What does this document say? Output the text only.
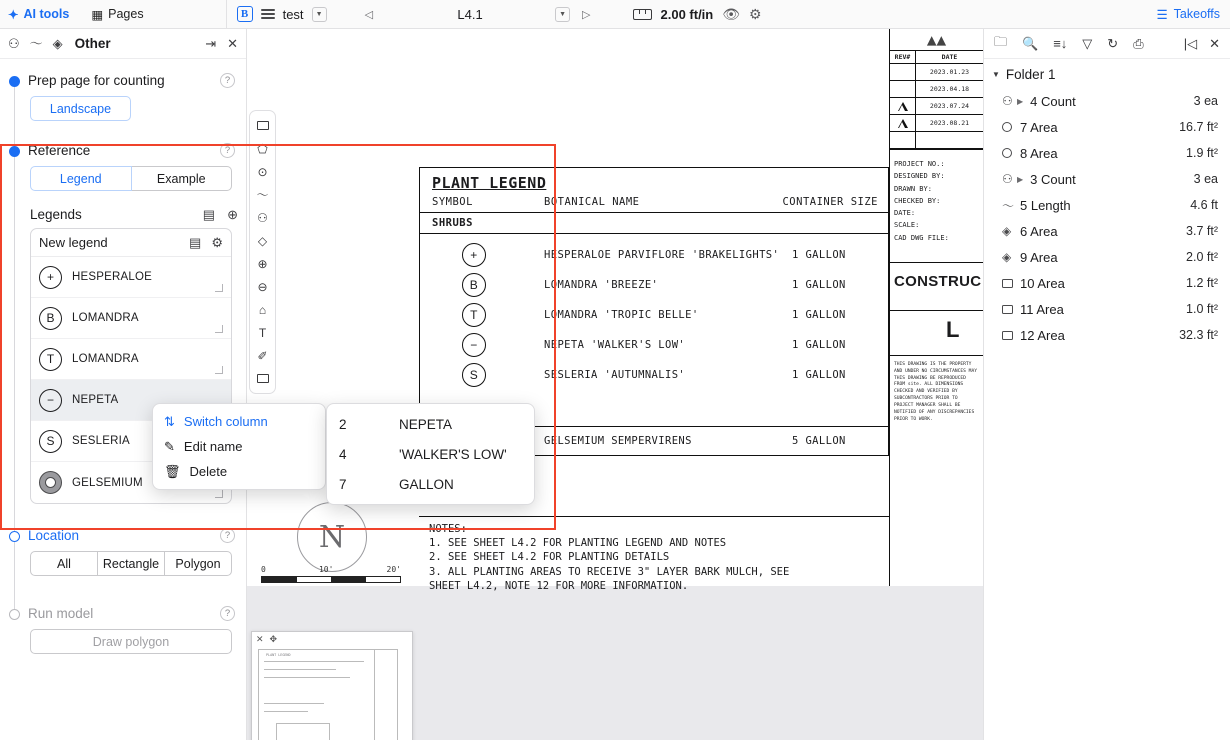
✦ AI tools ▦ Pages	B	test	▼	◁	L4.1	▼	▷	2.00 ft/in 👁 ⚙	☰ Takeoffs
⚇ 〜 ◈ Other	⇥ ✕
Prep page for counting	?
Landscape
Reference	?
Legend	Example
Legends	▤ ⊕
New legend	▤ ⚙
+	HESPERALOE
B	LOMANDRA
T	LOMANDRA
−	NEPETA
S	SESLERIA
GELSEMIUM
Location	?
All	Rectangle	Polygon
Run model	?
Draw polygon
⇅ Switch column
✎ Edit name
🗑 Delete
2	NEPETA
4	'WALKER'S LOW'
7	GALLON
⬠
⊙
〜
⚇
◇
⊕
⊖
⌂
T
✐
PLANT LEGEND
SYMBOL	BOTANICAL NAME	CONTAINER SIZE
SHRUBS
+	HESPERALOE PARVIFLORE 'BRAKELIGHTS'	1 GALLON
B	LOMANDRA 'BREEZE'	1 GALLON
T	LOMANDRA 'TROPIC BELLE'	1 GALLON
−	NEPETA 'WALKER'S LOW'	1 GALLON
S	SESLERIA 'AUTUMNALIS'	1 GALLON
GELSEMIUM SEMPERVIRENS	5 GALLON
NOTES:
1. SEE SHEET L4.2 FOR PLANTING LEGEND AND NOTES
2. SEE SHEET L4.2 FOR PLANTING DETAILS
3. ALL PLANTING AREAS TO RECEIVE 3" LAYER BARK MULCH, SEE
SHEET L4.2, NOTE 12 FOR MORE INFORMATION.
N
0	10'	20'
▲▲
REV#	DATE
2023.01.23
2023.04.18
2023.07.24
2023.08.21
PROJECT NO.:
DESIGNED BY:
DRAWN BY:
CHECKED BY:
DATE:
SCALE:
CAD DWG FILE:
CONSTRUC
L
THIS DRAWING IS THE PROPERTY AND UNDER NO CIRCUMSTANCES MAY THIS DRAWING BE REPRODUCED FROM site. ALL DIMENSIONS CHECKED AND VERIFIED BY SUBCONTRACTORS PRIOR TO PROJECT MANAGER SHALL BE NOTIFIED OF ANY DISCREPANCIES PRIOR TO WORK.
✕ ✥
PLANT LEGEND
🗀 🔍 ≡↓ ▽ ↻ ⎙	|◁ ✕
▼ Folder 1
⚇ ▶ 4 Count	3 ea
7 Area	16.7 ft²
8 Area	1.9 ft²
⚇ ▶ 3 Count	3 ea
〜 5 Length	4.6 ft
◈ 6 Area	3.7 ft²
◈ 9 Area	2.0 ft²
10 Area	1.2 ft²
11 Area	1.0 ft²
12 Area	32.3 ft²
